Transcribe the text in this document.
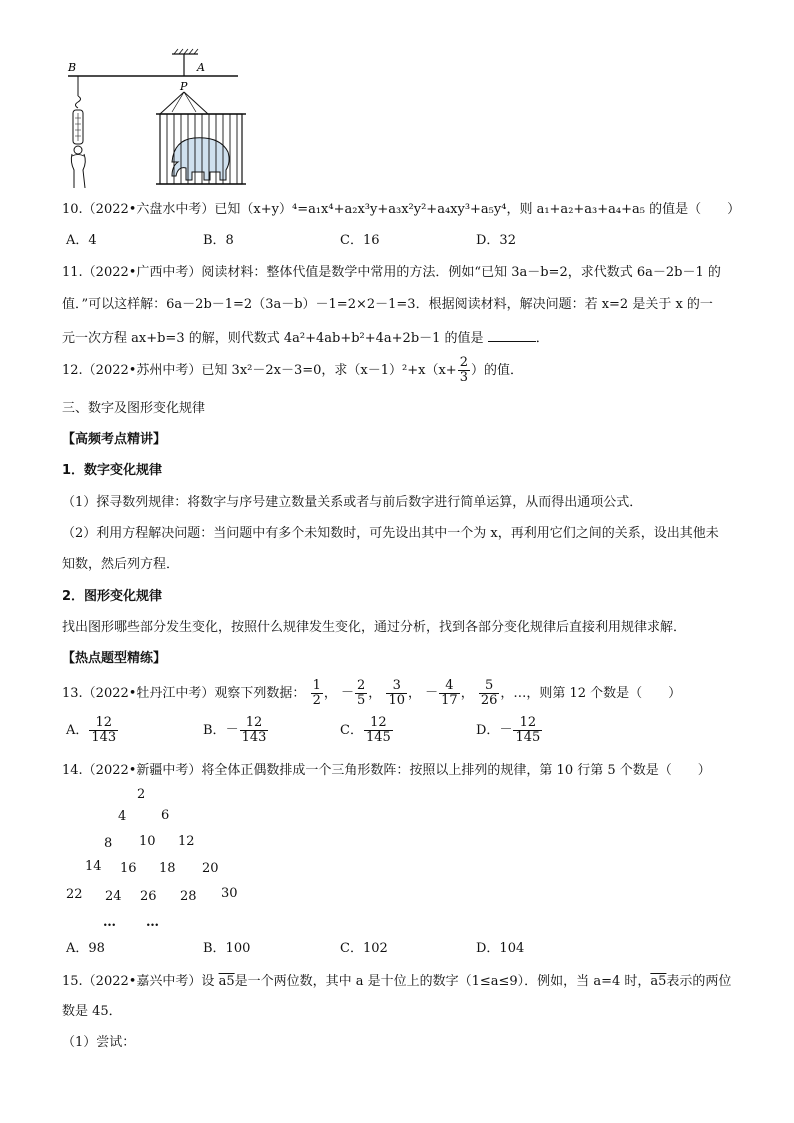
B	A
P
10.（2022•六盘水中考）已知（x+y）⁴=a₁x⁴+a₂x³y+a₃x²y²+a₄xy³+a₅y⁴，则 a₁+a₂+a₃+a₄+a₅ 的值是（　　）
A．4	B．8	C．16	D．32
11.（2022•广西中考）阅读材料：整体代值是数学中常用的方法．例如“已知 3a－b=2，求代数式 6a－2b－1 的
值．”可以这样解：6a－2b－1=2（3a－b）－1=2×2－1=3．根据阅读材料，解决问题：若 x=2 是关于 x 的一
元一次方程 ax+b=3 的解，则代数式 4a²+4ab+b²+4a+2b－1 的值是	．
12.（2022•苏州中考）已知 3x²－2x－3=0，求$(x-1)^2+x(x+ \frac{2}{3}$ ）的值．
三、数字及图形变化规律
【高频考点精讲】
1．数字变化规律
（1）探寻数列规律：将数字与序号建立数量关系或者与前后数字进行简单运算，从而得出通项公式．
（2）利用方程解决问题：当问题中有多个未知数时，可先设出其中一个为 x，再利用它们之间的关系，设出其他未
知数，然后列方程．
2．图形变化规律
找出图形哪些部分发生变化，按照什么规律发生变化，通过分析，找到各部分变化规律后直接利用规律求解．
【热点题型精练】
13.（2022•牡丹江中考）观察下列数据： $\frac{1}{2}$ ， － $\frac{2}{5}$ ， $\frac{3}{10}$ ， － $\frac{4}{17}$ ， $\frac{5}{26}$ ，…，则第 12 个数是（　　）
A． $\frac{12}{143}$	B．－ $\frac{12}{143}$	C． $\frac{12}{145}$	D．－ $\frac{12}{145}$
14.（2022•新疆中考）将全体正偶数排成一个三角形数阵：按照以上排列的规律，第 10 行第 5 个数是（　　）
2
4	6
8 10 12
14 16 18 20
22 24 26 28 30
… …
A．98	B．100	C．102	D．104
15.（2022•嘉兴中考）设 a5是一个两位数，其中 a 是十位上的数字（1≤a≤9）．例如，当 a=4 时，a5表示的两位
数是 45．
（1）尝试：
